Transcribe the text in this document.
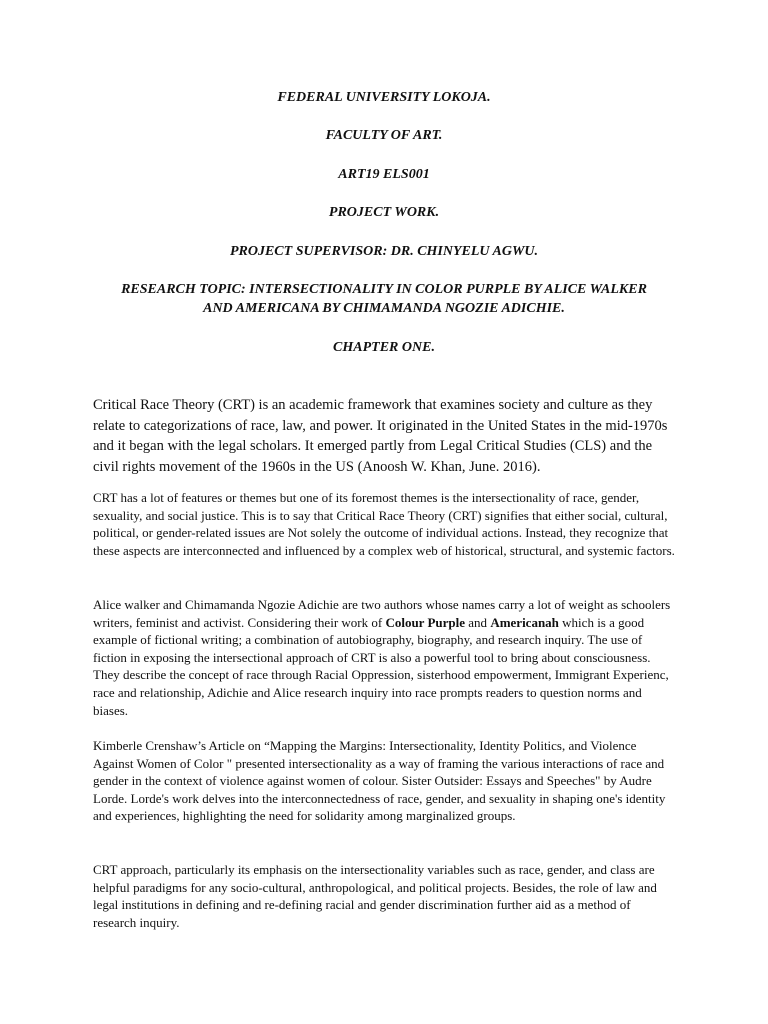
FEDERAL UNIVERSITY LOKOJA.

FACULTY OF ART.

ART19 ELS001

PROJECT WORK.

PROJECT SUPERVISOR: DR. CHINYELU AGWU.

RESEARCH TOPIC: INTERSECTIONALITY IN COLOR PURPLE BY ALICE WALKER AND AMERICANA BY CHIMAMANDA NGOZIE ADICHIE.

CHAPTER ONE.

Critical Race Theory (CRT) is an academic framework that examines society and culture as they relate to categorizations of race, law, and power. It originated in the United States in the mid-1970s and it began with the legal scholars. It emerged partly from Legal Critical Studies (CLS) and the civil rights movement of the 1960s in the US (Anoosh W. Khan, June. 2016).

CRT has a lot of features or themes but one of its foremost themes is the intersectionality of race, gender, sexuality, and social justice. This is to say that Critical Race Theory (CRT) signifies that either social, cultural, political, or gender-related issues are Not solely the outcome of individual actions. Instead, they recognize that these aspects are interconnected and influenced by a complex web of historical, structural, and systemic factors.

Alice walker and Chimamanda Ngozie Adichie are two authors whose names carry a lot of weight as schoolers writers, feminist and activist. Considering their work of Colour Purple and Americanah which is a good example of fictional writing; a combination of autobiography, biography, and research inquiry. The use of fiction in exposing the intersectional approach of CRT is also a powerful tool to bring about consciousness. They describe the concept of race through Racial Oppression, sisterhood empowerment, Immigrant Experienc, race and relationship, Adichie and Alice research inquiry into race prompts readers to question norms and biases.

Kimberle Crenshaw’s Article on “Mapping the Margins: Intersectionality, Identity Politics, and Violence Against Women of Color " presented intersectionality as a way of framing the various interactions of race and gender in the context of violence against women of colour. Sister Outsider: Essays and Speeches" by Audre Lorde. Lorde's work delves into the interconnectedness of race, gender, and sexuality in shaping one's identity and experiences, highlighting the need for solidarity among marginalized groups.

CRT approach, particularly its emphasis on the intersectionality variables such as race, gender, and class are helpful paradigms for any socio-cultural, anthropological, and political projects. Besides, the role of law and legal institutions in defining and re-defining racial and gender discrimination further aid as a method of research inquiry.
